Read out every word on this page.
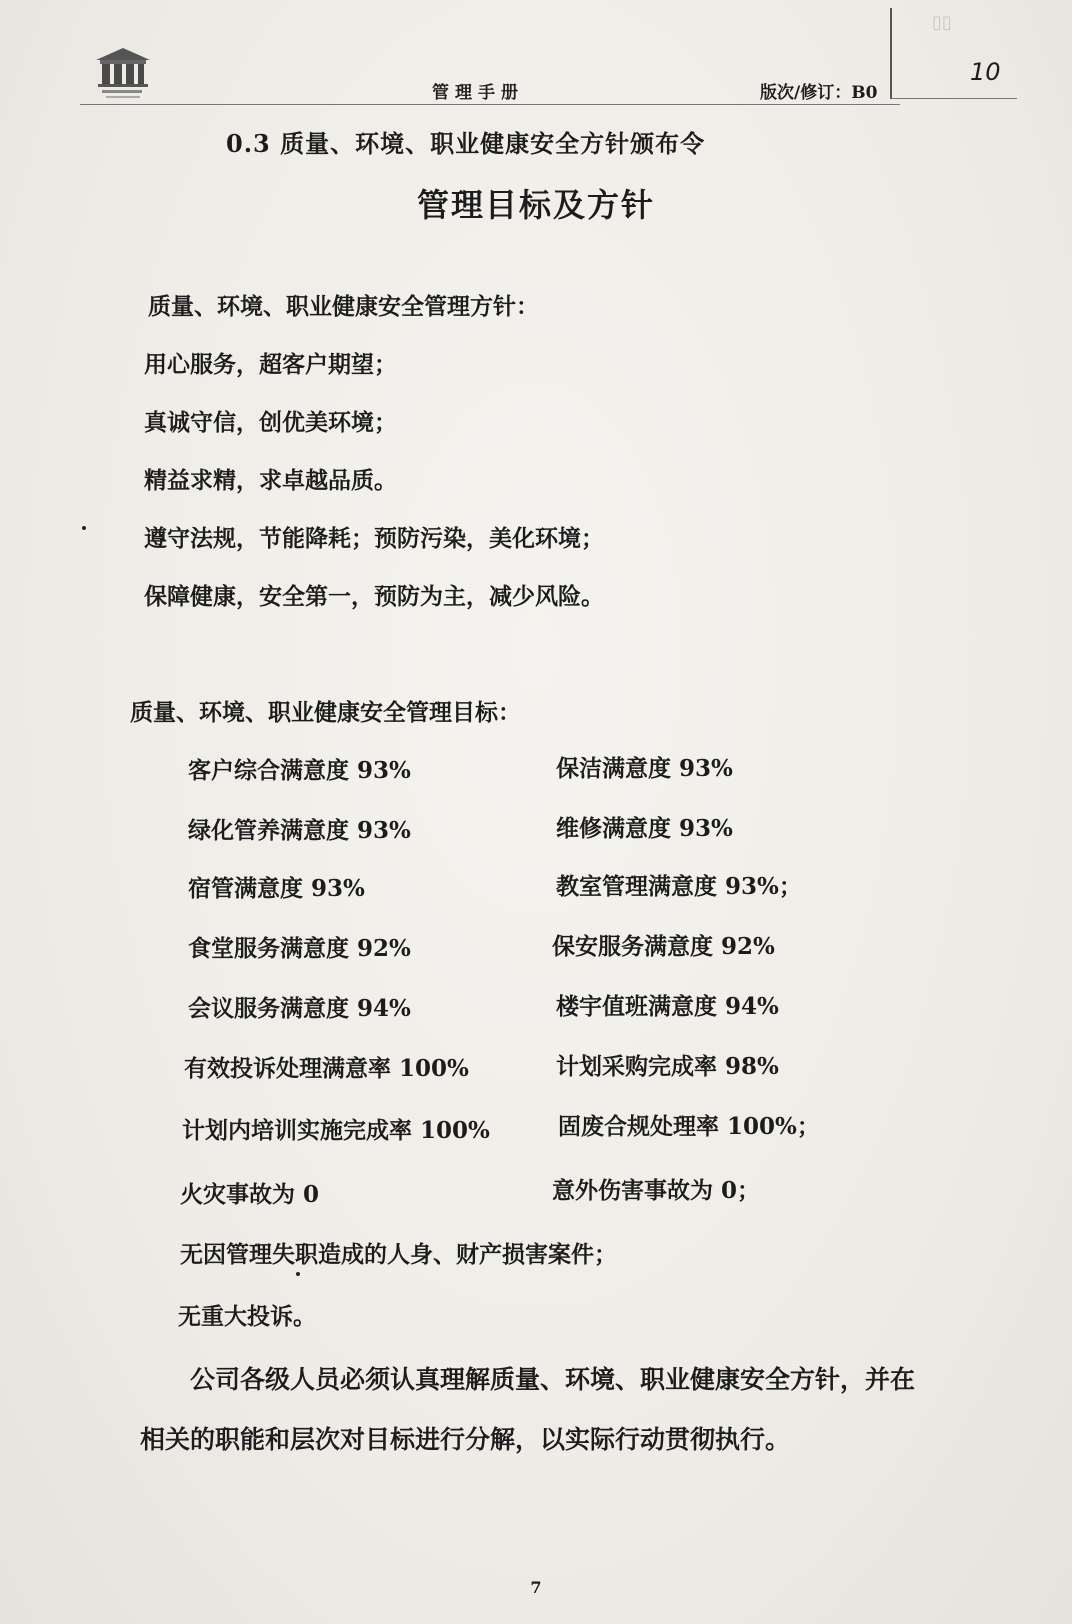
管理手册	版次/修订：B0
▯▯
10
0.3 质量、环境、职业健康安全方针颁布令
管理目标及方针
质量、环境、职业健康安全管理方针：
用心服务，超客户期望；
真诚守信，创优美环境；
精益求精，求卓越品质。
遵守法规，节能降耗；预防污染，美化环境；
保障健康，安全第一，预防为主，减少风险。
质量、环境、职业健康安全管理目标：
客户综合满意度 93%	保洁满意度 93%
绿化管养满意度 93%	维修满意度 93%
宿管满意度 93%	教室管理满意度 93%；
食堂服务满意度 92%	保安服务满意度 92%
会议服务满意度 94%	楼宇值班满意度 94%
有效投诉处理满意率 100%	计划采购完成率 98%
计划内培训实施完成率 100%	固废合规处理率 100%；
火灾事故为 0	意外伤害事故为 0；
无因管理失职造成的人身、财产损害案件；
无重大投诉。
公司各级人员必须认真理解质量、环境、职业健康安全方针，并在
相关的职能和层次对目标进行分解，以实际行动贯彻执行。
7
